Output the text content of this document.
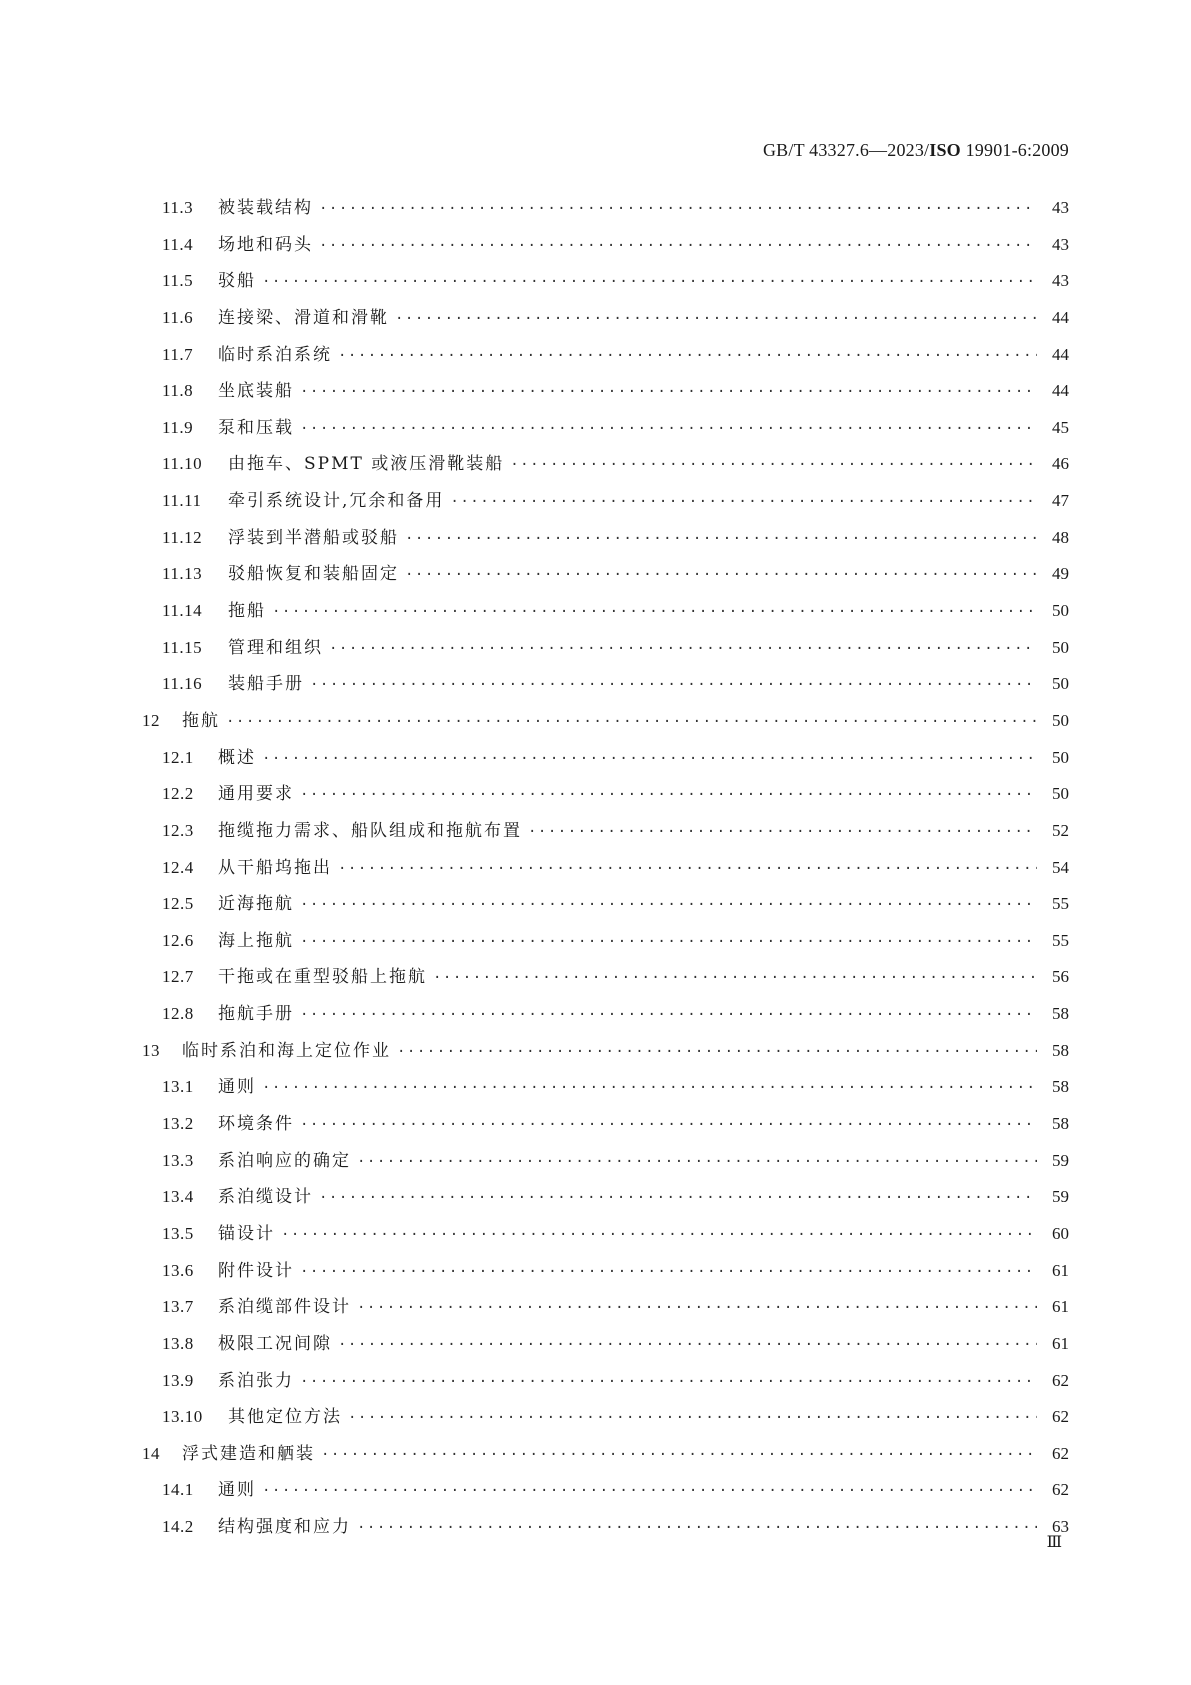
GB/T 43327.6—2023/ISO 19901-6:2009
11.3	被装载结构 ·····	43
11.4	场地和码头 ·····	43
11.5	驳船 ·····	43
11.6	连接梁、滑道和滑靴 ·····	44
11.7	临时系泊系统 ·····	44
11.8	坐底装船 ·····	44
11.9	泵和压载 ·····	45
11.10	由拖车、SPMT 或液压滑靴装船 ·····	46
11.11	牵引系统设计,冗余和备用 ·····	47
11.12	浮装到半潜船或驳船 ·····	48
11.13	驳船恢复和装船固定 ·····	49
11.14	拖船 ·····	50
11.15	管理和组织 ·····	50
11.16	装船手册 ·····	50
12	拖航 ·····	50
12.1	概述 ·····	50
12.2	通用要求 ·····	50
12.3	拖缆拖力需求、船队组成和拖航布置 ·····	52
12.4	从干船坞拖出 ·····	54
12.5	近海拖航 ·····	55
12.6	海上拖航 ·····	55
12.7	干拖或在重型驳船上拖航 ·····	56
12.8	拖航手册 ·····	58
13	临时系泊和海上定位作业 ·····	58
13.1	通则 ·····	58
13.2	环境条件 ·····	58
13.3	系泊响应的确定 ·····	59
13.4	系泊缆设计 ·····	59
13.5	锚设计 ·····	60
13.6	附件设计 ·····	61
13.7	系泊缆部件设计 ·····	61
13.8	极限工况间隙 ·····	61
13.9	系泊张力 ·····	62
13.10	其他定位方法 ·····	62
14	浮式建造和舾装 ·····	62
14.1	通则 ·····	62
14.2	结构强度和应力 ·····	63
Ⅲ
